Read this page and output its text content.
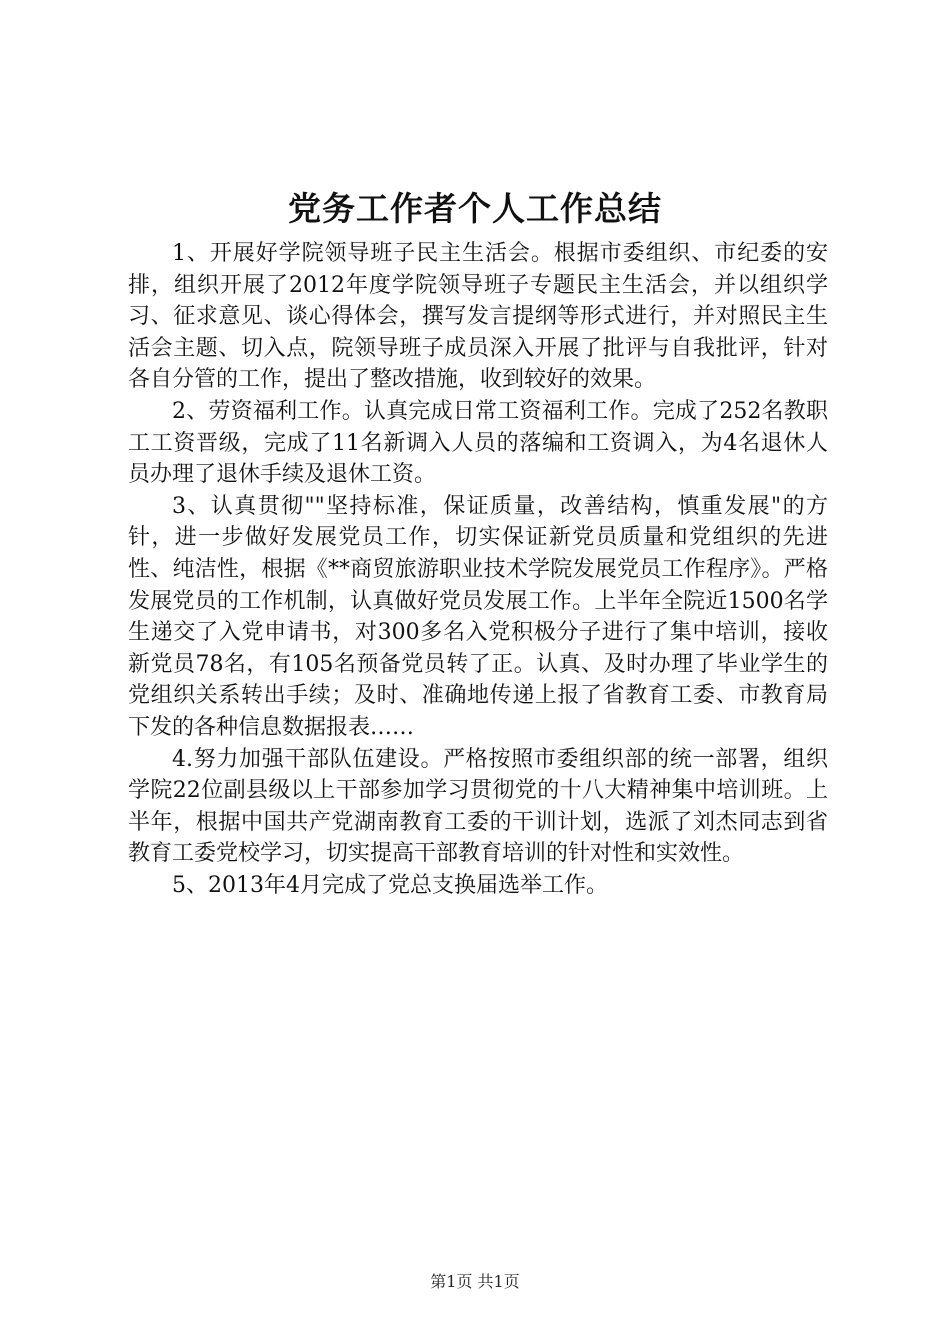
党务工作者个人工作总结

1、开展好学院领导班子民主生活会。根据市委组织、市纪委的安排，组织开展了2012年度学院领导班子专题民主生活会，并以组织学习、征求意见、谈心得体会，撰写发言提纲等形式进行，并对照民主生活会主题、切入点，院领导班子成员深入开展了批评与自我批评，针对各自分管的工作，提出了整改措施，收到较好的效果。

2、劳资福利工作。认真完成日常工资福利工作。完成了252名教职工工资晋级，完成了11名新调入人员的落编和工资调入，为4名退休人员办理了退休手续及退休工资。

3、认真贯彻""坚持标准，保证质量，改善结构，慎重发展"的方针，进一步做好发展党员工作，切实保证新党员质量和党组织的先进性、纯洁性，根据《**商贸旅游职业技术学院发展党员工作程序》。严格发展党员的工作机制，认真做好党员发展工作。上半年全院近1500名学生递交了入党申请书，对300多名入党积极分子进行了集中培训，接收新党员78名，有105名预备党员转了正。认真、及时办理了毕业学生的党组织关系转出手续；及时、准确地传递上报了省教育工委、市教育局下发的各种信息数据报表……

4.努力加强干部队伍建设。严格按照市委组织部的统一部署，组织学院22位副县级以上干部参加学习贯彻党的十八大精神集中培训班。上半年，根据中国共产党湖南教育工委的干训计划，选派了刘杰同志到省教育工委党校学习，切实提高干部教育培训的针对性和实效性。

5、2013年4月完成了党总支换届选举工作。

第1页 共1页
